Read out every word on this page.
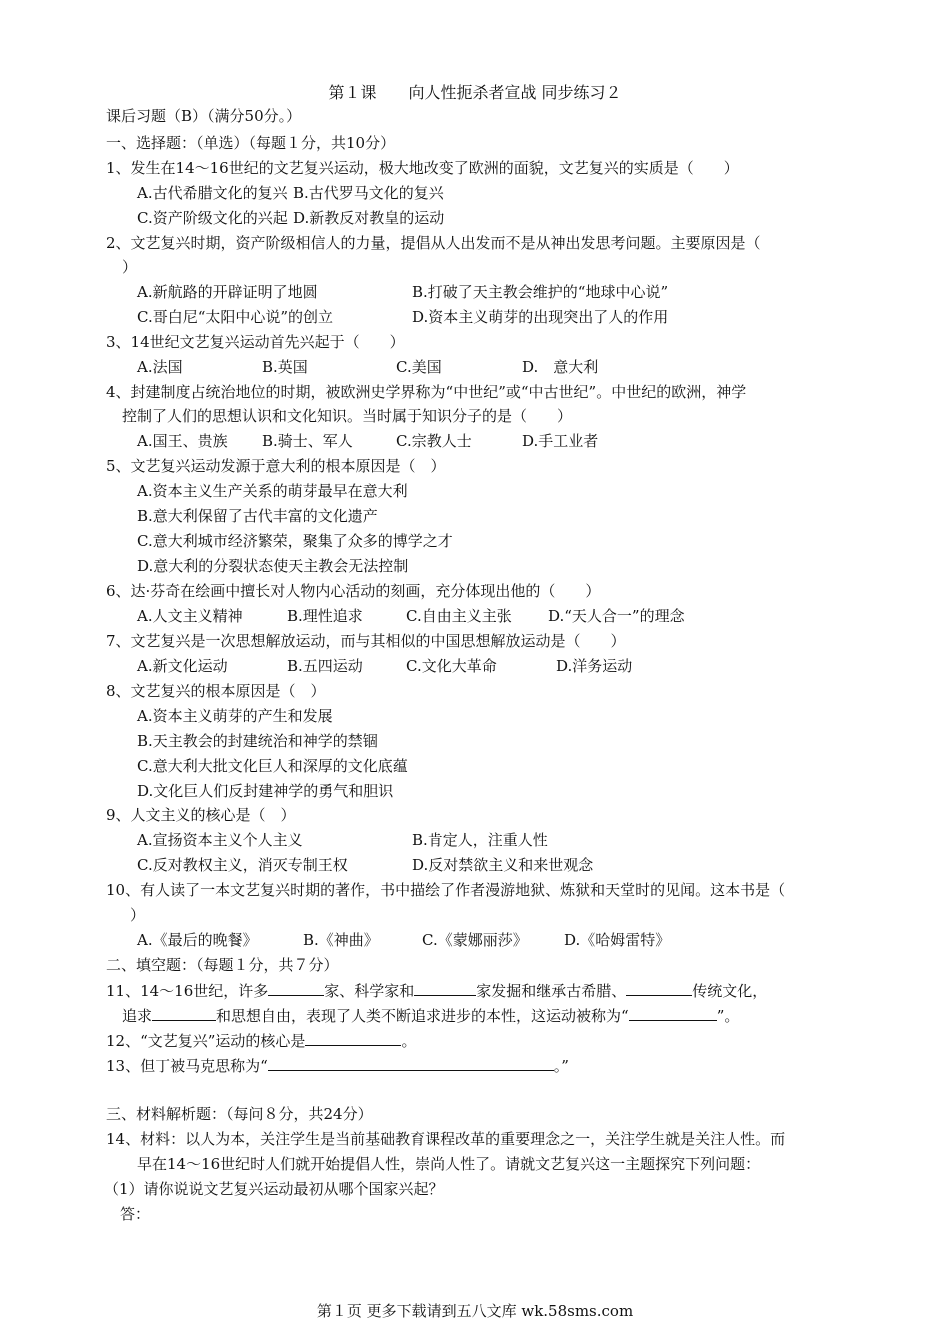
第１课　　向人性扼杀者宣战 同步练习２
课后习题（B）（满分50分。）
一、选择题：（单选）（每题１分，共10分）
1、发生在14～16世纪的文艺复兴运动，极大地改变了欧洲的面貌，文艺复兴的实质是（　　）
A.古代希腊文化的复兴 B.古代罗马文化的复兴
C.资产阶级文化的兴起 D.新教反对教皇的运动
2、文艺复兴时期，资产阶级相信人的力量，提倡从人出发而不是从神出发思考问题。主要原因是（
）
A.新航路的开辟证明了地圆	B.打破了天主教会维护的“地球中心说”
C.哥白尼“太阳中心说”的创立	D.资本主义萌芽的出现突出了人的作用
3、14世纪文艺复兴运动首先兴起于（　　）
A.法国	B.英国	C.美国	D.　意大利
4、封建制度占统治地位的时期，被欧洲史学界称为“中世纪”或“中古世纪”。中世纪的欧洲，神学
控制了人们的思想认识和文化知识。当时属于知识分子的是（　　）
A.国王、贵族 B.骑士、军人	C.宗教人士	D.手工业者
5、文艺复兴运动发源于意大利的根本原因是（　）
A.资本主义生产关系的萌芽最早在意大利
B.意大利保留了古代丰富的文化遗产
C.意大利城市经济繁荣，聚集了众多的博学之才
D.意大利的分裂状态使天主教会无法控制
6、达·芬奇在绘画中擅长对人物内心活动的刻画，充分体现出他的（　　）
A.人文主义精神	B.理性追求	C.自由主义主张 D.“天人合一”的理念
7、文艺复兴是一次思想解放运动，而与其相似的中国思想解放运动是（　　）
A.新文化运动	B.五四运动	C.文化大革命	D.洋务运动
8、文艺复兴的根本原因是（　）
A.资本主义萌芽的产生和发展
B.天主教会的封建统治和神学的禁锢
C.意大利大批文化巨人和深厚的文化底蕴
D.文化巨人们反封建神学的勇气和胆识
9、人文主义的核心是（　）
A.宣扬资本主义个人主义	B.肯定人，注重人性
C.反对教权主义，消灭专制王权	D.反对禁欲主义和来世观念
10、有人读了一本文艺复兴时期的著作，书中描绘了作者漫游地狱、炼狱和天堂时的见闻。这本书是（
）
A.《最后的晚餐》	B.《神曲》	C.《蒙娜丽莎》 D.《哈姆雷特》
二、填空题：（每题１分，共７分）
11、14～16世纪，许多	家、科学家和	家发掘和继承古希腊、	传统文化，
追求	和思想自由，表现了人类不断追求进步的本性，这运动被称为“	”。
12、“文艺复兴”运动的核心是	。
13、但丁被马克思称为“	。”
三、材料解析题：（每问８分，共24分）
14、材料：以人为本，关注学生是当前基础教育课程改革的重要理念之一，关注学生就是关注人性。而
早在14～16世纪时人们就开始提倡人性，崇尚人性了。请就文艺复兴这一主题探究下列问题：
（1）请你说说文艺复兴运动最初从哪个国家兴起？
答：
第１页 更多下载请到五八文库 wk.58sms.com
